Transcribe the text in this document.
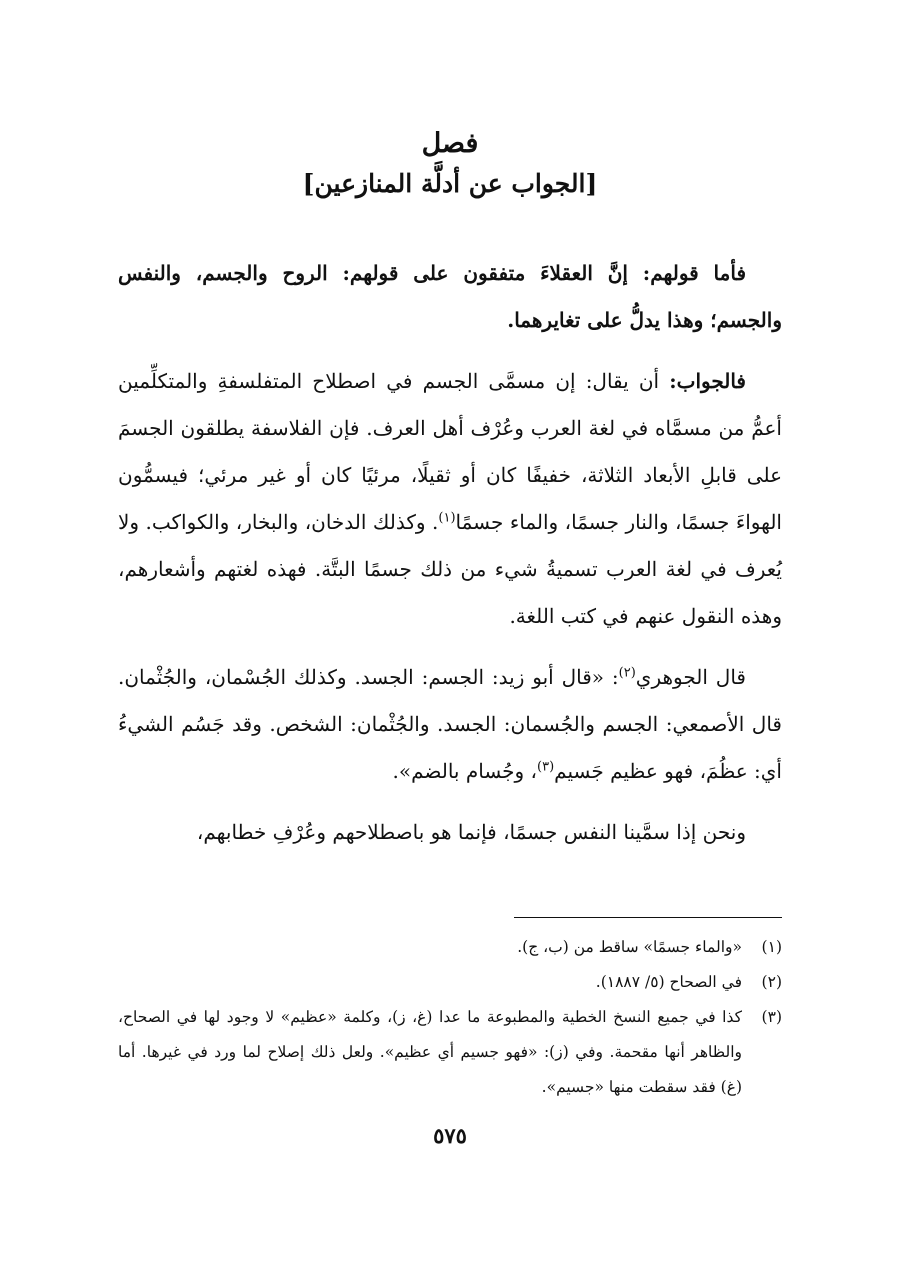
فصل
[الجواب عن أدلَّة المنازعين]

فأما قولهم: إنَّ العقلاءَ متفقون على قولهم: الروح والجسم، والنفس والجسم؛ وهذا يدلُّ على تغايرهما.

فالجواب: أن يقال: إن مسمَّى الجسم في اصطلاح المتفلسفةِ والمتكلِّمين أعمُّ من مسمَّاه في لغة العرب وعُرْف أهل العرف. فإن الفلاسفة يطلقون الجسمَ على قابلِ الأبعاد الثلاثة، خفيفًا كان أو ثقيلًا، مرئيًا كان أو غير مرئي؛ فيسمُّون الهواءَ جسمًا، والنار جسمًا، والماء جسمًا$^{(١)}$. وكذلك الدخان، والبخار، والكواكب. ولا يُعرف في لغة العرب تسميةُ شيء من ذلك جسمًا البتَّة. فهذه لغتهم وأشعارهم، وهذه النقول عنهم في كتب اللغة.

قال الجوهري$^{(٢)}$: «قال أبو زيد: الجسم: الجسد. وكذلك الجُسْمان، والجُثْمان. قال الأصمعي: الجسم والجُسمان: الجسد. والجُثْمان: الشخص. وقد جَسُم الشيءُ أي: عظُمَ، فهو عظيم جَسيم$^{(٣)}$، وجُسام بالضم».

ونحن إذا سمَّينا النفس جسمًا، فإنما هو باصطلاحهم وعُرْفِ خطابهم،

(١)
«والماء جسمًا» ساقط من (ب، ج).
(٢)
في الصحاح (٥/ ١٨٨٧).
(٣)
كذا في جميع النسخ الخطية والمطبوعة ما عدا (غ، ز)، وكلمة «عظيم» لا وجود لها في الصحاح، والظاهر أنها مقحمة. وفي (ز): «فهو جسيم أي عظيم». ولعل ذلك إصلاح لما ورد في غيرها. أما (غ) فقد سقطت منها «جسيم».
٥٧٥
